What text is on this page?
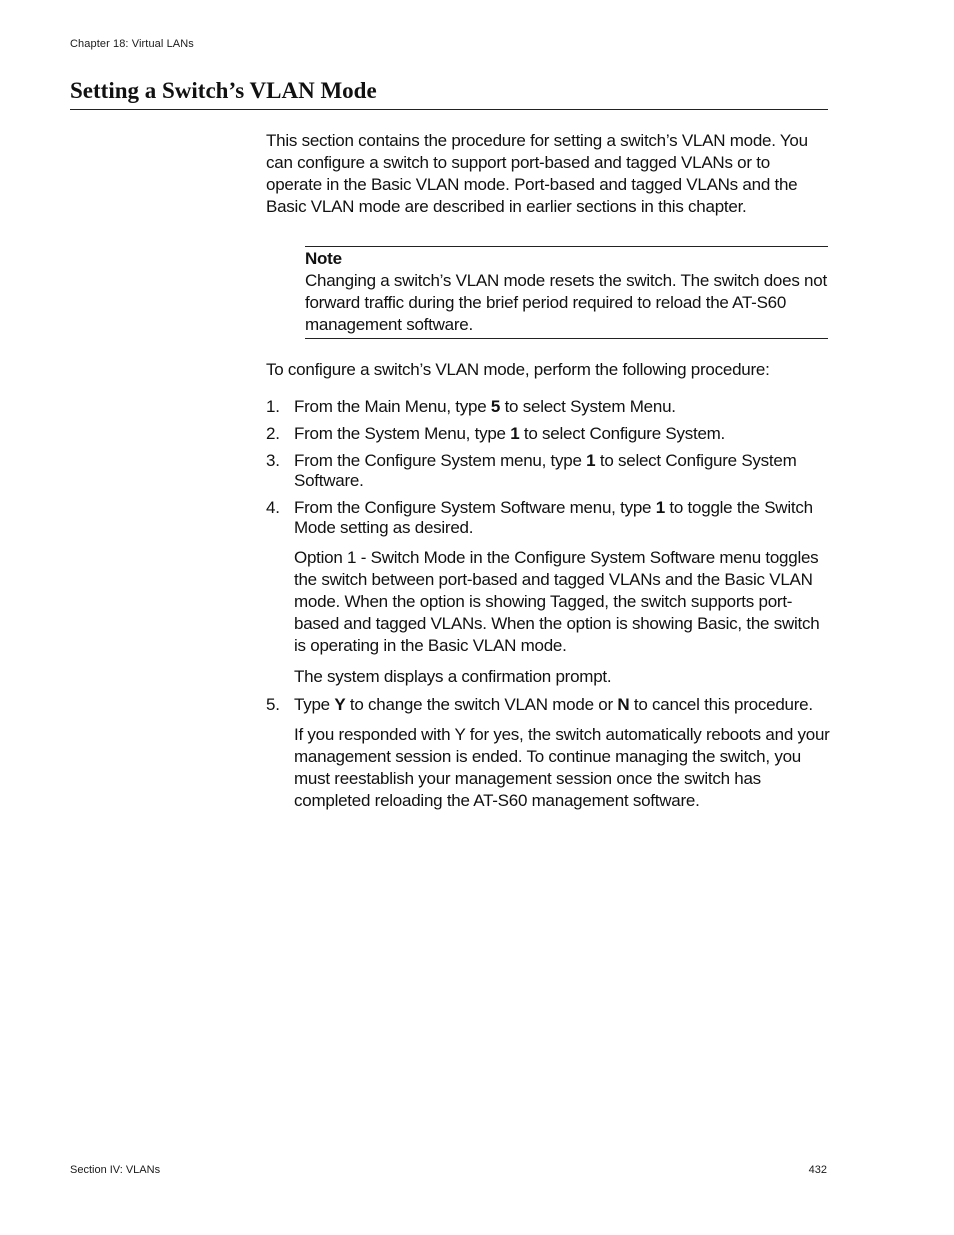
Chapter 18: Virtual LANs
Setting a Switch’s VLAN Mode

This section contains the procedure for setting a switch’s VLAN mode. You can configure a switch to support port-based and tagged VLANs or to operate in the Basic VLAN mode. Port-based and tagged VLANs and the Basic VLAN mode are described in earlier sections in this chapter.

Note
Changing a switch’s VLAN mode resets the switch. The switch does not forward traffic during the brief period required to reload the AT-S60 management software.

To configure a switch’s VLAN mode, perform the following procedure:

1. From the Main Menu, type 5 to select System Menu.
2. From the System Menu, type 1 to select Configure System.
3. From the Configure System menu, type 1 to select Configure System Software.
4. From the Configure System Software menu, type 1 to toggle the Switch Mode setting as desired.

Option 1 - Switch Mode in the Configure System Software menu toggles the switch between port-based and tagged VLANs and the Basic VLAN mode. When the option is showing Tagged, the switch supports port-based and tagged VLANs. When the option is showing Basic, the switch is operating in the Basic VLAN mode.

The system displays a confirmation prompt.

5. Type Y to change the switch VLAN mode or N to cancel this procedure.

If you responded with Y for yes, the switch automatically reboots and your management session is ended. To continue managing the switch, you must reestablish your management session once the switch has completed reloading the AT-S60 management software.

Section IV: VLANs	432
